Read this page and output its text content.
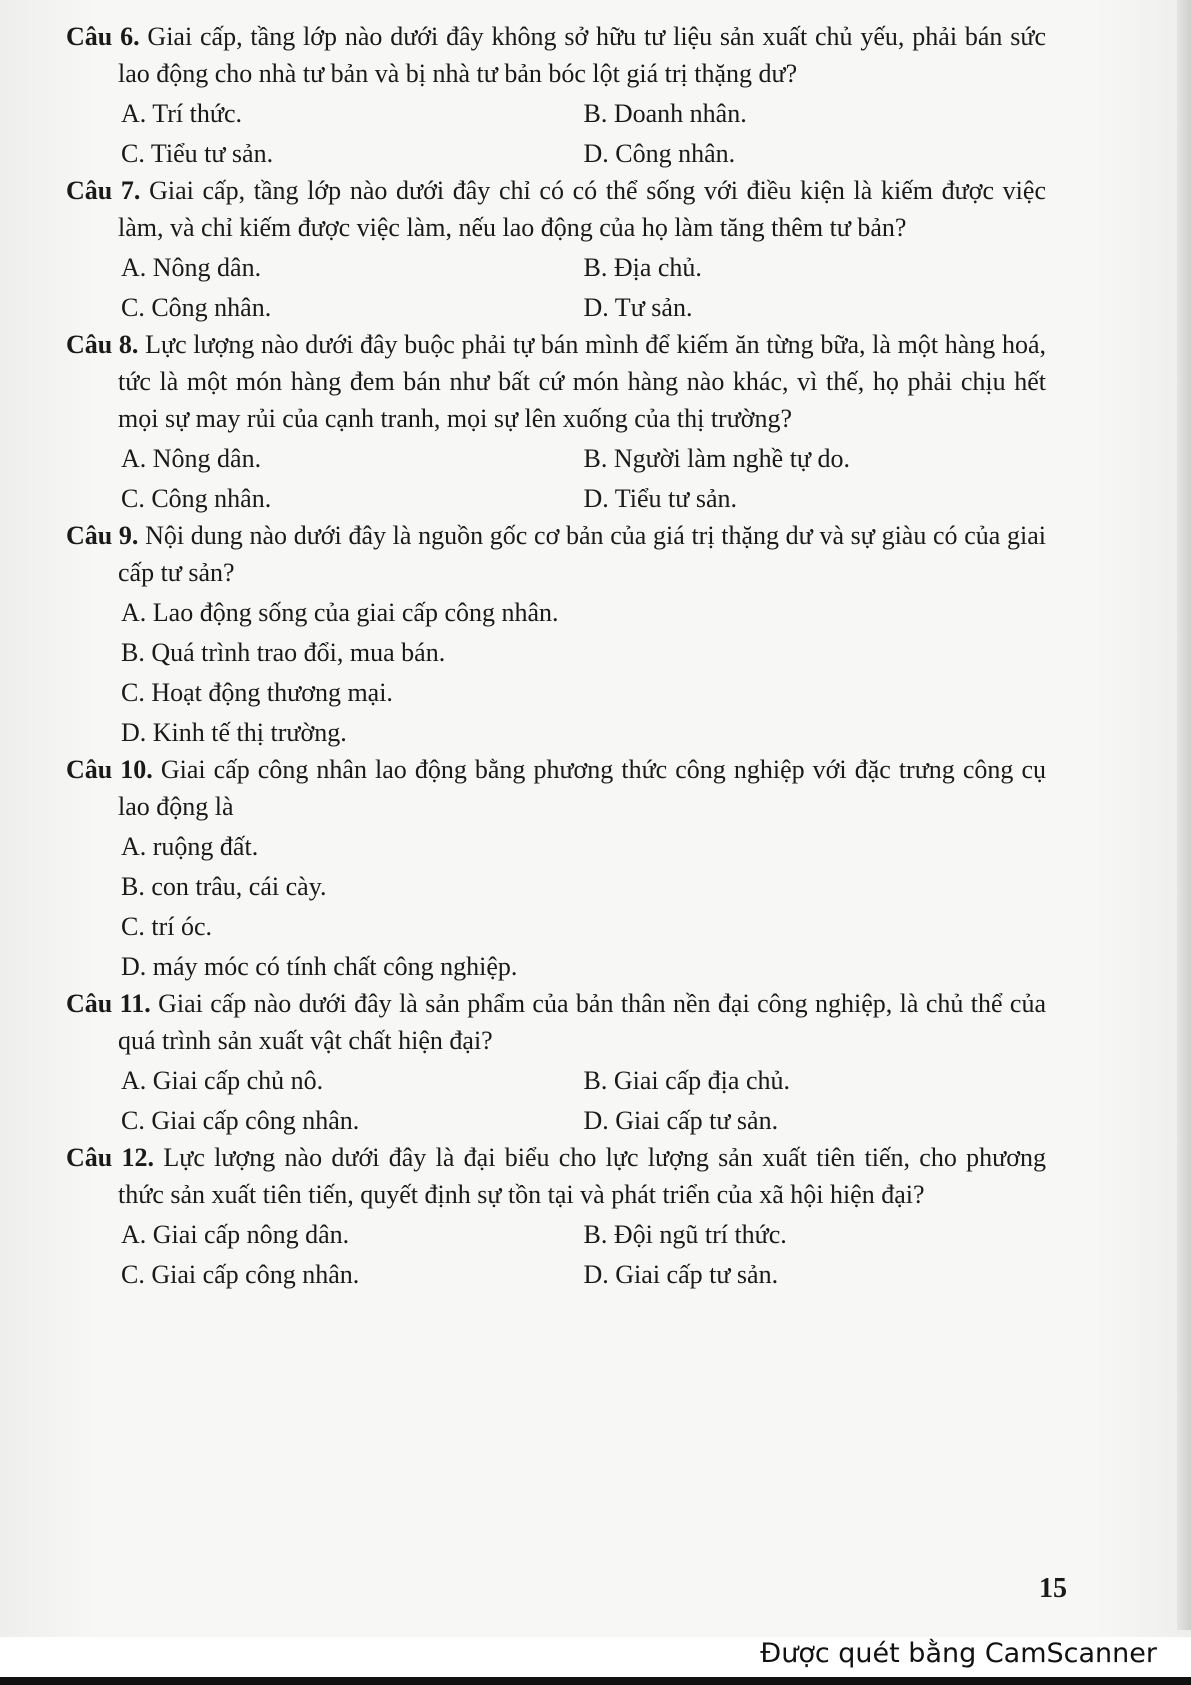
Câu 6. Giai cấp, tầng lớp nào dưới đây không sở hữu tư liệu sản xuất chủ yếu, phải bán sức lao động cho nhà tư bản và bị nhà tư bản bóc lột giá trị thặng dư?

A. Trí thức.	B. Doanh nhân.
C. Tiểu tư sản.	D. Công nhân.

Câu 7. Giai cấp, tầng lớp nào dưới đây chỉ có có thể sống với điều kiện là kiếm được việc làm, và chỉ kiếm được việc làm, nếu lao động của họ làm tăng thêm tư bản?

A. Nông dân.	B. Địa chủ.
C. Công nhân.	D. Tư sản.

Câu 8. Lực lượng nào dưới đây buộc phải tự bán mình để kiếm ăn từng bữa, là một hàng hoá, tức là một món hàng đem bán như bất cứ món hàng nào khác, vì thế, họ phải chịu hết mọi sự may rủi của cạnh tranh, mọi sự lên xuống của thị trường?

A. Nông dân.	B. Người làm nghề tự do.
C. Công nhân.	D. Tiểu tư sản.

Câu 9. Nội dung nào dưới đây là nguồn gốc cơ bản của giá trị thặng dư và sự giàu có của giai cấp tư sản?

A. Lao động sống của giai cấp công nhân.
B. Quá trình trao đổi, mua bán.
C. Hoạt động thương mại.
D. Kinh tế thị trường.

Câu 10. Giai cấp công nhân lao động bằng phương thức công nghiệp với đặc trưng công cụ lao động là

A. ruộng đất.
B. con trâu, cái cày.
C. trí óc.
D. máy móc có tính chất công nghiệp.

Câu 11. Giai cấp nào dưới đây là sản phẩm của bản thân nền đại công nghiệp, là chủ thể của quá trình sản xuất vật chất hiện đại?

A. Giai cấp chủ nô.	B. Giai cấp địa chủ.
C. Giai cấp công nhân.	D. Giai cấp tư sản.

Câu 12. Lực lượng nào dưới đây là đại biểu cho lực lượng sản xuất tiên tiến, cho phương thức sản xuất tiên tiến, quyết định sự tồn tại và phát triển của xã hội hiện đại?

A. Giai cấp nông dân.	B. Đội ngũ trí thức.
C. Giai cấp công nhân.	D. Giai cấp tư sản.
15
Được quét bằng CamScanner
